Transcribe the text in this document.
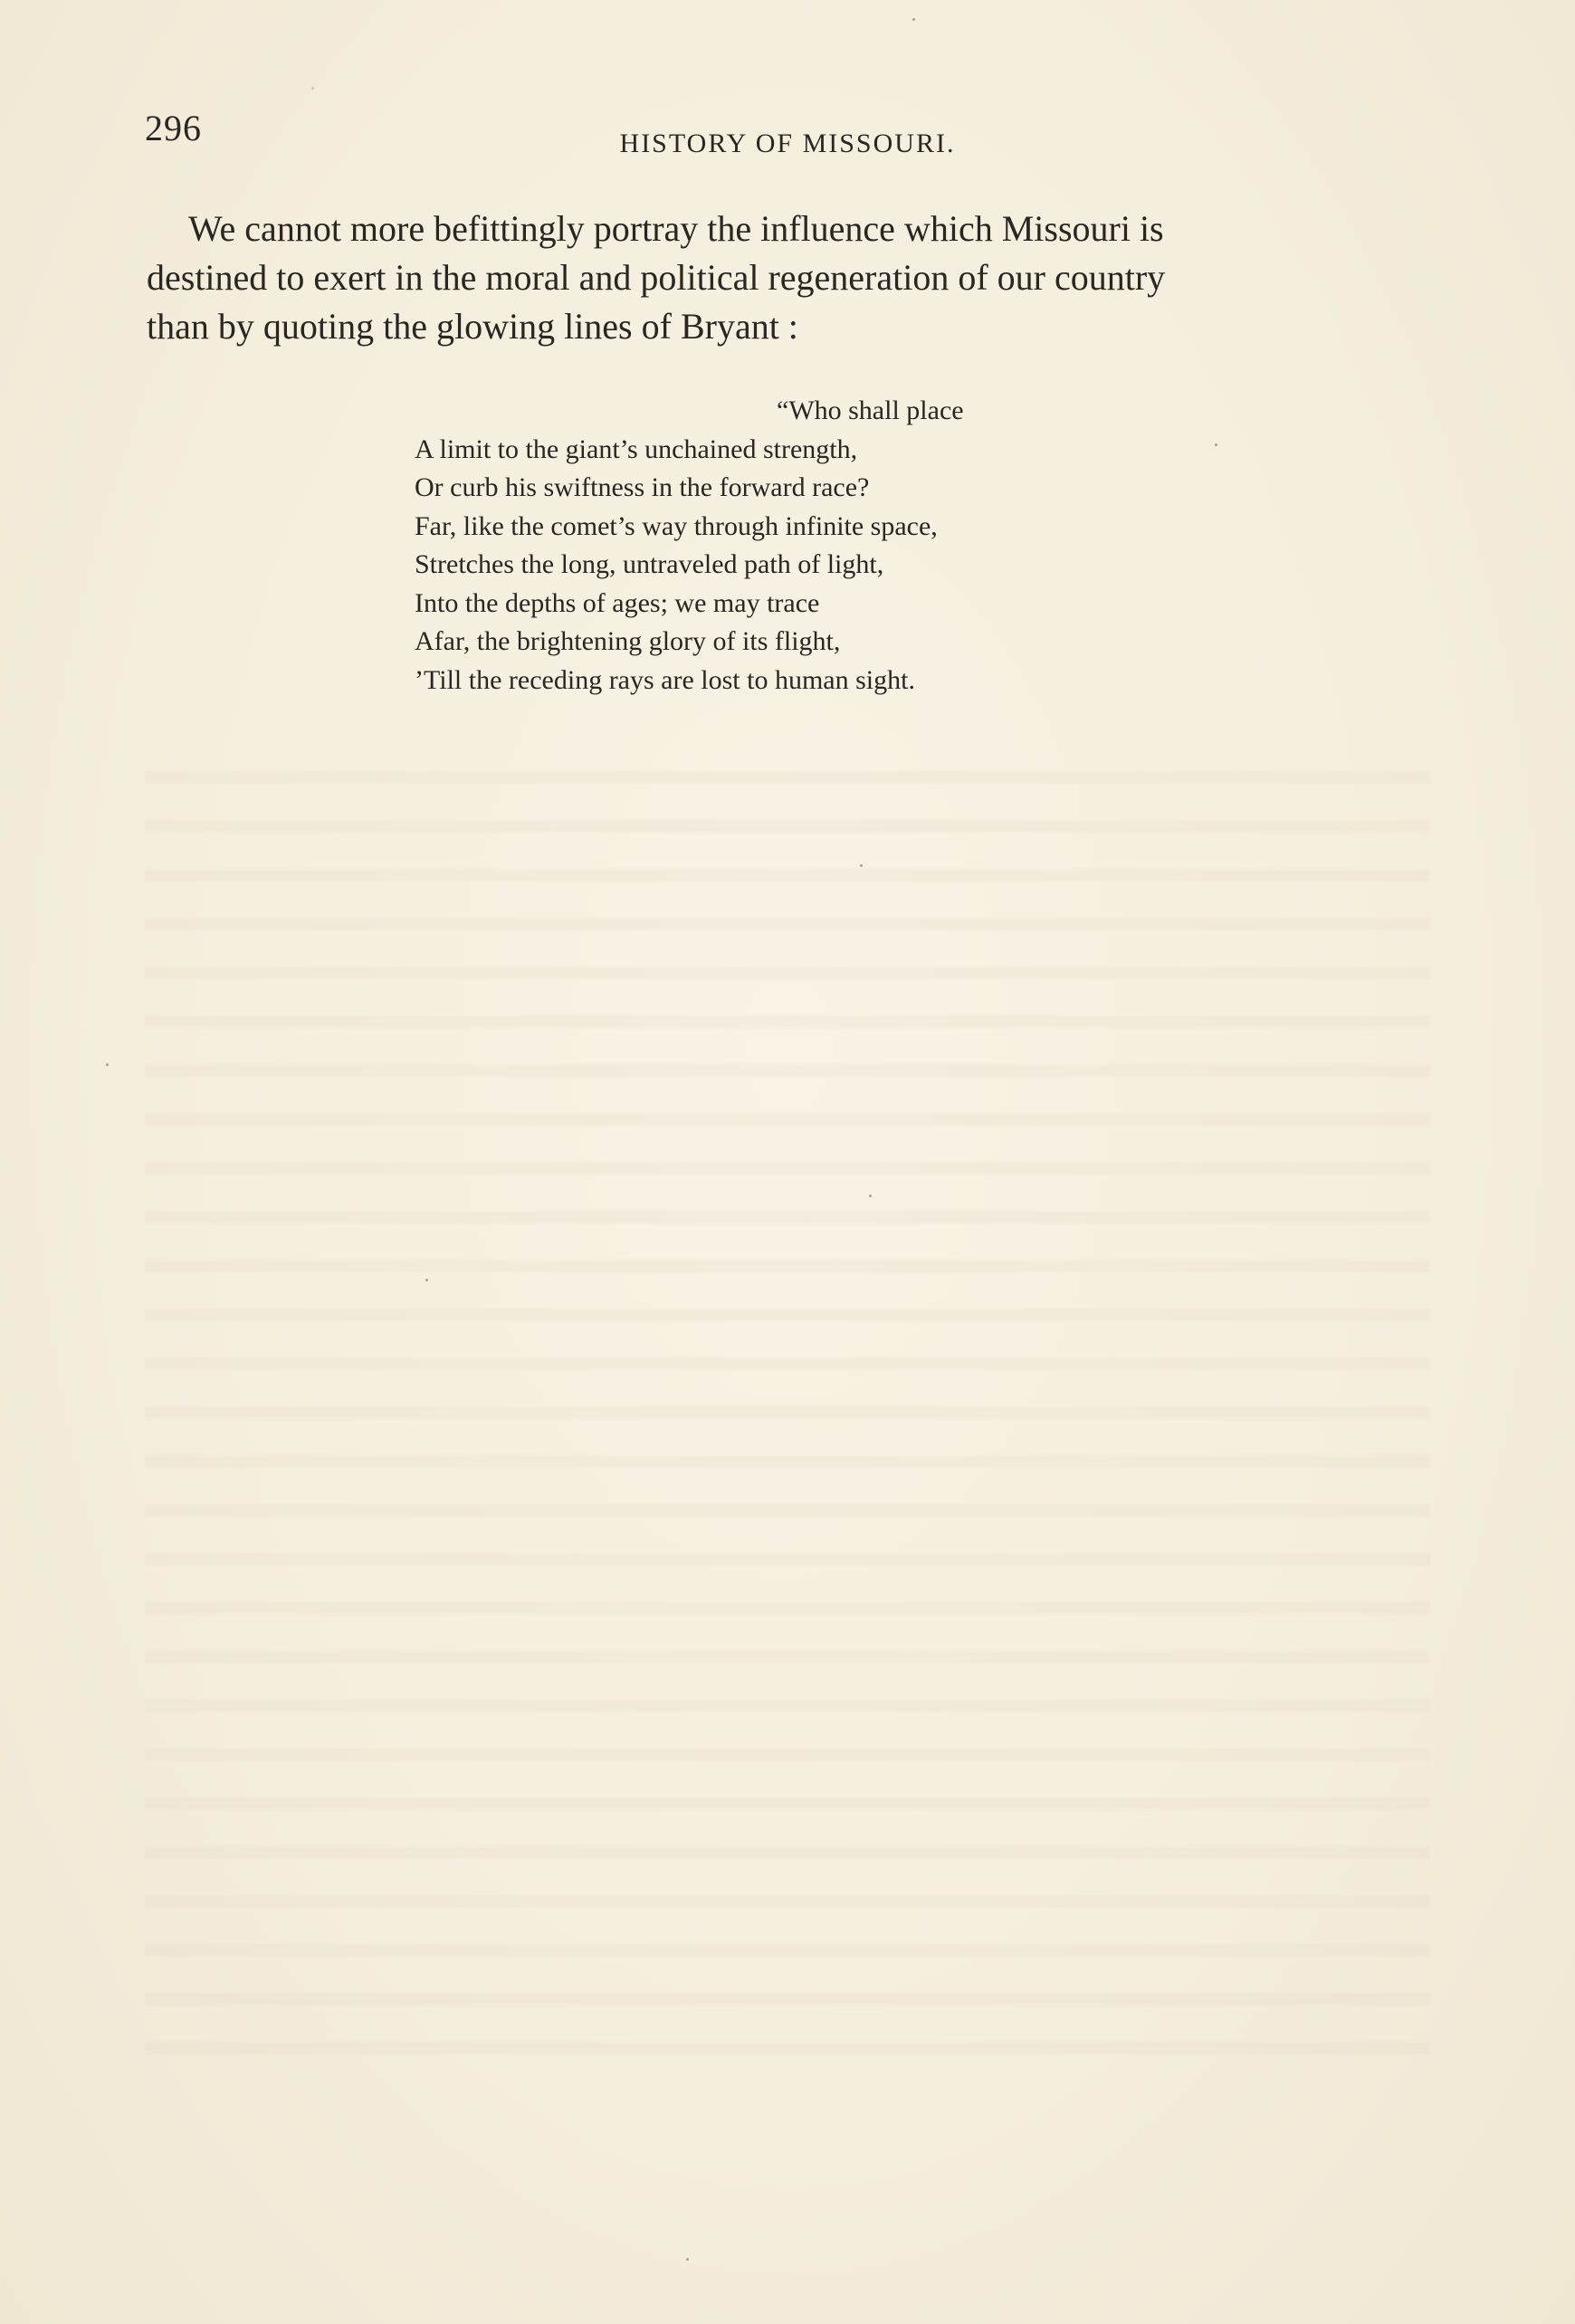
296	HISTORY OF MISSOURI.
We cannot more befittingly portray the influence which Missouri is
destined to exert in the moral and political regeneration of our country
than by quoting the glowing lines of Bryant :
“Who shall place
A limit to the giant’s unchained strength,
Or curb his swiftness in the forward race?
Far, like the comet’s way through infinite space,
Stretches the long, untraveled path of light,
Into the depths of ages; we may trace
Afar, the brightening glory of its flight,
’Till the receding rays are lost to human sight.
